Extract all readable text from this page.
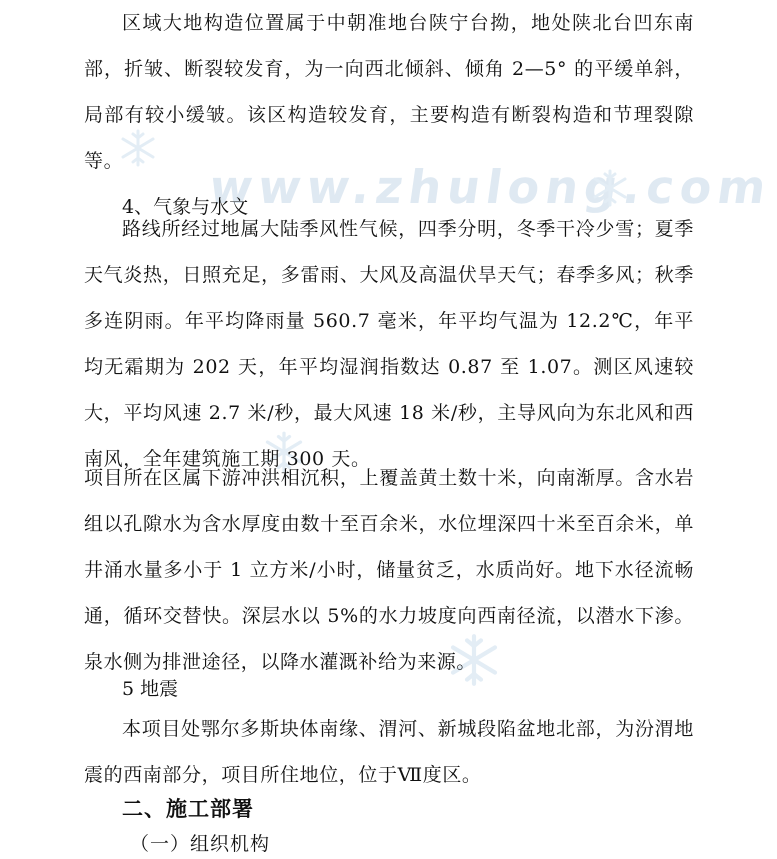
www.zhulong.com

区域大地构造位置属于中朝准地台陕宁台拗，地处陕北台凹东南部，折皱、断裂较发育，为一向西北倾斜、倾角 2—5° 的平缓单斜，局部有较小缓皱。该区构造较发育，主要构造有断裂构造和节理裂隙等。

4、气象与水文

路线所经过地属大陆季风性气候，四季分明，冬季干冷少雪；夏季天气炎热，日照充足，多雷雨、大风及高温伏旱天气；春季多风；秋季多连阴雨。年平均降雨量 560.7 毫米，年平均气温为 12.2℃，年平均无霜期为 202 天，年平均湿润指数达 0.87 至 1.07。测区风速较大，平均风速 2.7 米/秒，最大风速 18 米/秒，主导风向为东北风和西南风，全年建筑施工期 300 天。

项目所在区属下游冲洪相沉积，上覆盖黄土数十米，向南渐厚。含水岩组以孔隙水为含水厚度由数十至百余米，水位埋深四十米至百余米，单井涌水量多小于 1 立方米/小时，储量贫乏，水质尚好。地下水径流畅通，循环交替快。深层水以 5%的水力坡度向西南径流，以潜水下渗。泉水侧为排泄途径，以降水灌溉补给为来源。

5 地震

本项目处鄂尔多斯块体南缘、渭河、新城段陷盆地北部，为汾渭地震的西南部分，项目所住地位，位于Ⅶ度区。

二、施工部署

（一）组织机构
